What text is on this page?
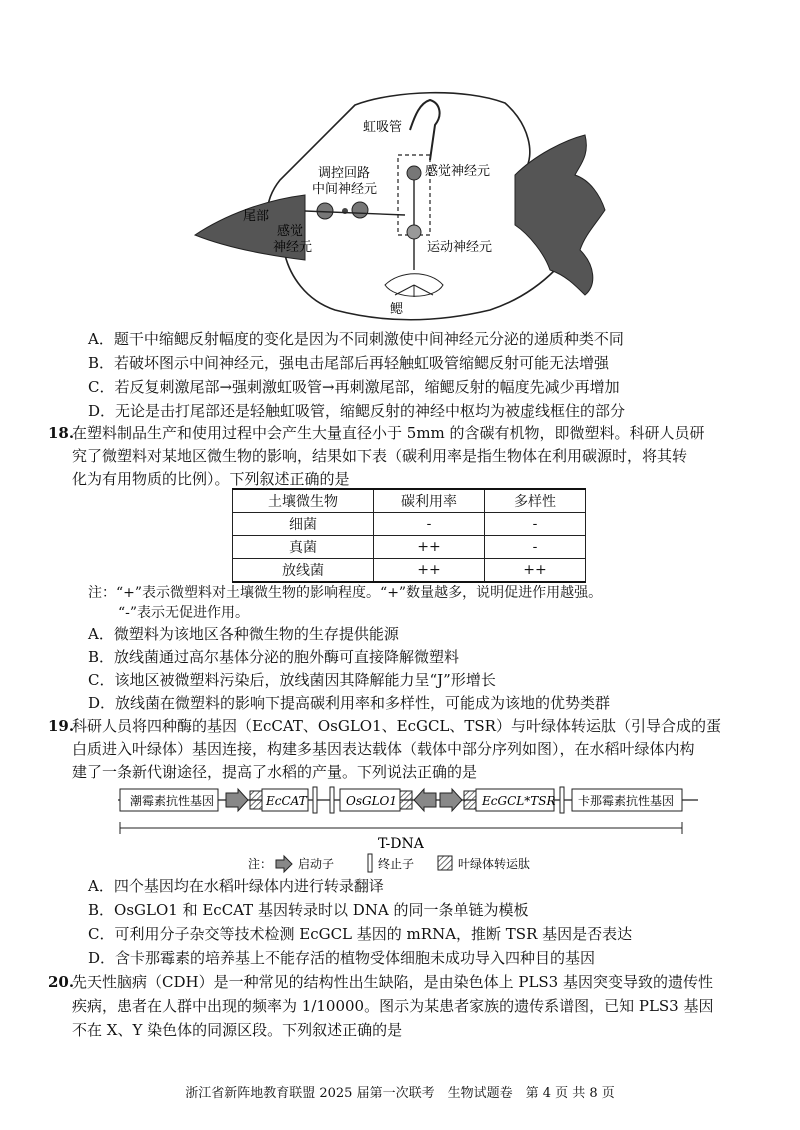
虹吸管
感觉神经元
调控回路
中间神经元
尾部
感觉
神经元	运动神经元
鳃
A．题干中缩鳃反射幅度的变化是因为不同刺激使中间神经元分泌的递质种类不同
B．若破坏图示中间神经元，强电击尾部后再轻触虹吸管缩鳃反射可能无法增强
C．若反复刺激尾部→强刺激虹吸管→再刺激尾部，缩鳃反射的幅度先减少再增加
D．无论是击打尾部还是轻触虹吸管，缩鳃反射的神经中枢均为被虚线框住的部分
18.
在塑料制品生产和使用过程中会产生大量直径小于 5mm 的含碳有机物，即微塑料。科研人员研
究了微塑料对某地区微生物的影响，结果如下表（碳利用率是指生物体在利用碳源时，将其转
化为有用物质的比例）。下列叙述正确的是
土壤微生物	碳利用率	多样性
细菌	-	-
真菌	++	-
放线菌	++	++
注：“+”表示微塑料对土壤微生物的影响程度。“+”数量越多，说明促进作用越强。
“-”表示无促进作用。
A．微塑料为该地区各种微生物的生存提供能源
B．放线菌通过高尔基体分泌的胞外酶可直接降解微塑料
C．该地区被微塑料污染后，放线菌因其降解能力呈“J”形增长
D．放线菌在微塑料的影响下提高碳利用率和多样性，可能成为该地的优势类群
19.
科研人员将四种酶的基因（EcCAT、OsGLO1、EcGCL、TSR）与叶绿体转运肽（引导合成的蛋
白质进入叶绿体）基因连接，构建多基因表达载体（载体中部分序列如图），在水稻叶绿体内构
建了一条新代谢途径，提高了水稻的产量。下列说法正确的是
潮霉素抗性基因	EcCAT	OsGLO1	EcGCL*TSR 卡那霉素抗性基因
T-DNA
注： 启动子	终止子	叶绿体转运肽
A．四个基因均在水稻叶绿体内进行转录翻译
B．OsGLO1 和 EcCAT 基因转录时以 DNA 的同一条单链为模板
C．可利用分子杂交等技术检测 EcGCL 基因的 mRNA，推断 TSR 基因是否表达
D．含卡那霉素的培养基上不能存活的植物受体细胞未成功导入四种目的基因
20.
先天性脑病（CDH）是一种常见的结构性出生缺陷，是由染色体上 PLS3 基因突变导致的遗传性
疾病，患者在人群中出现的频率为 1/10000。图示为某患者家族的遗传系谱图，已知 PLS3 基因
不在 X、Y 染色体的同源区段。下列叙述正确的是
浙江省新阵地教育联盟 2025 届第一次联考　生物试题卷　第 4 页 共 8 页
